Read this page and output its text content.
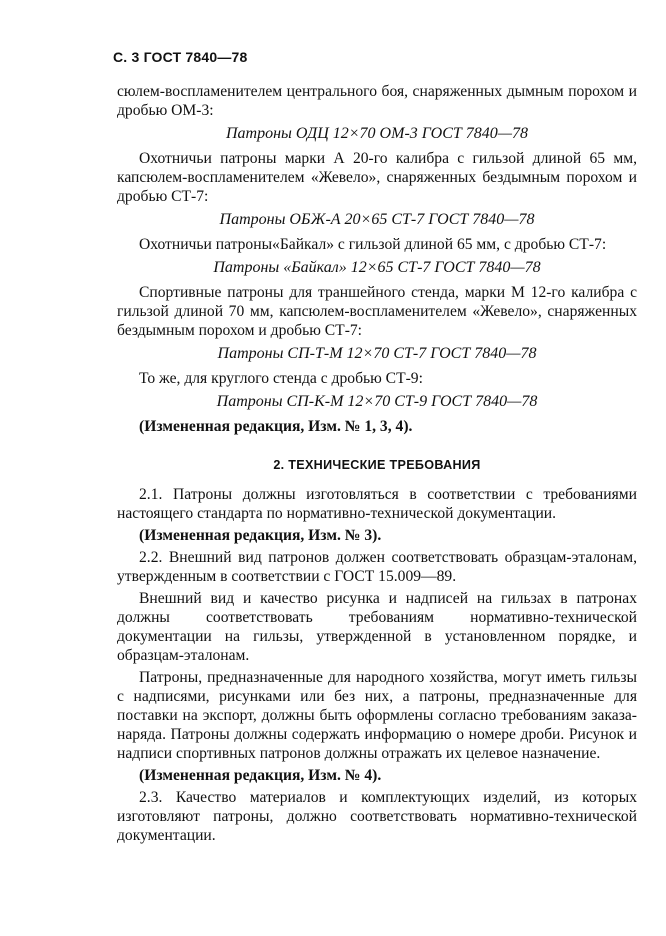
С. 3 ГОСТ 7840—78

сюлем-воспламенителем центрального боя, снаряженных дымным порохом и дробью ОМ-3:

Патроны ОДЦ 12×70 ОМ-3 ГОСТ 7840—78

Охотничьи патроны марки А 20-го калибра с гильзой длиной 65 мм, капсюлем-воспламенителем «Жевело», снаряженных бездымным порохом и дробью СТ-7:

Патроны ОБЖ-А 20×65 СТ-7 ГОСТ 7840—78

Охотничьи патроны«Байкал» с гильзой длиной 65 мм, с дробью СТ-7:

Патроны «Байкал» 12×65 СТ-7 ГОСТ 7840—78

Спортивные патроны для траншейного стенда, марки М 12-го калибра с гильзой длиной 70 мм, капсюлем-воспламенителем «Жевело», снаряженных бездымным порохом и дробью СТ-7:

Патроны СП-Т-М 12×70 СТ-7 ГОСТ 7840—78

То же, для круглого стенда с дробью СТ-9:

Патроны СП-К-М 12×70 СТ-9 ГОСТ 7840—78

(Измененная редакция, Изм. № 1, 3, 4).

2. ТЕХНИЧЕСКИЕ ТРЕБОВАНИЯ

2.1. Патроны должны изготовляться в соответствии с требованиями настоящего стандарта по нормативно-технической документации.

(Измененная редакция, Изм. № 3).

2.2. Внешний вид патронов должен соответствовать образцам-эталонам, утвержденным в соответствии с ГОСТ 15.009—89.

Внешний вид и качество рисунка и надписей на гильзах в патронах должны соответствовать требованиям нормативно-технической документации на гильзы, утвержденной в установленном порядке, и образцам-эталонам.

Патроны, предназначенные для народного хозяйства, могут иметь гильзы с надписями, рисунками или без них, а патроны, предназначенные для поставки на экспорт, должны быть оформлены согласно требованиям заказа-наряда. Патроны должны содержать информацию о номере дроби. Рисунок и надписи спортивных патронов должны отражать их целевое назначение.

(Измененная редакция, Изм. № 4).

2.3. Качество материалов и комплектующих изделий, из которых изготовляют патроны, должно соответствовать нормативно-технической документации.
